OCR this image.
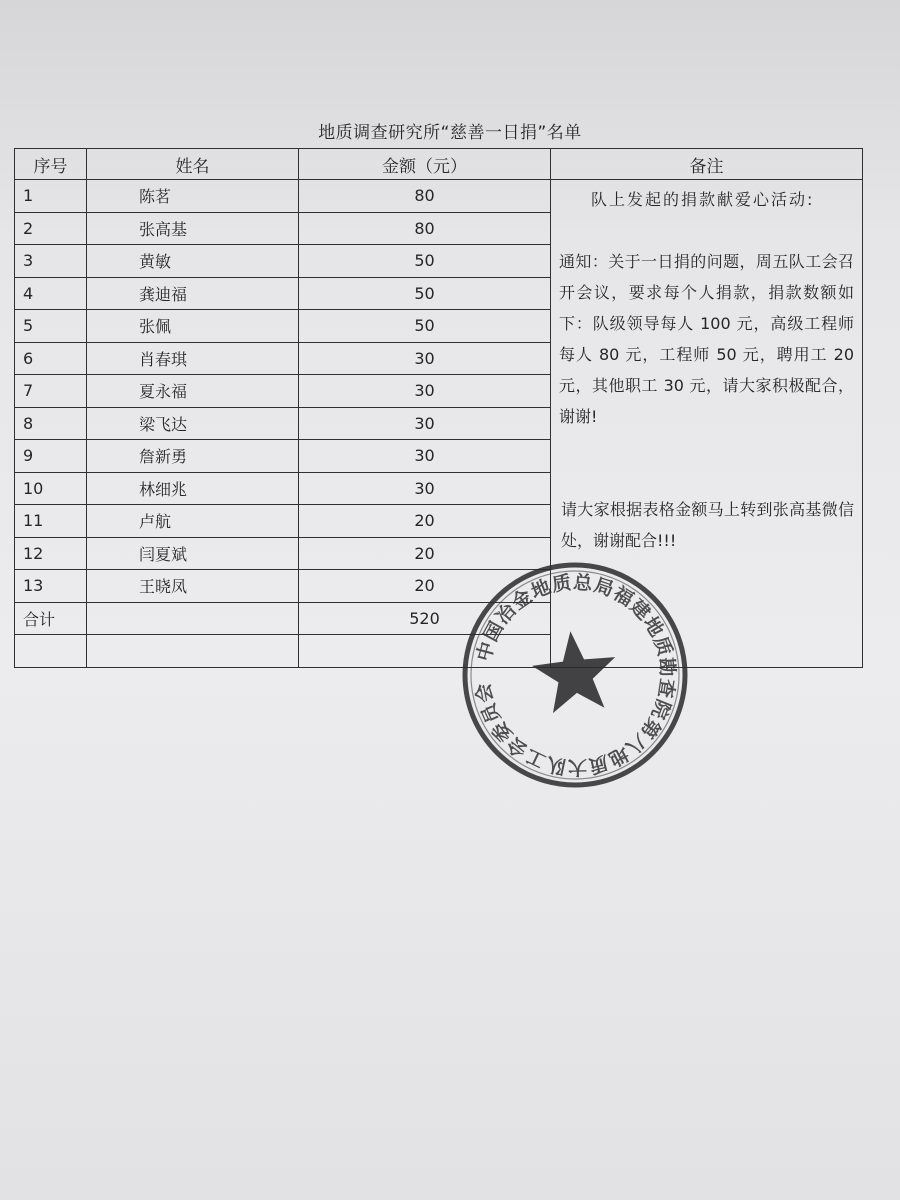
地质调查研究所“慈善一日捐”名单
序号	姓名	金额（元）	备注
1	陈茗	80	队上发起的捐款献爱心活动:

通知：关于一日捐的问题，周五队工会召开会议，要求每个人捐款，捐款数额如下：队级领导每人 100 元，高级工程师每人 80 元，工程师 50 元，聘用工 20 元，其他职工 30 元，请大家积极配合，谢谢!

请大家根据表格金额马上转到张高基微信处，谢谢配合!!!

2	张高基	80	
3	黄敏	50	
4	龚迪福	50	
5	张佩	50	
6	肖春琪	30	
7	夏永福	30	
8	梁飞达	30	
9	詹新勇	30	
10	林细兆	30	
11	卢航	20	
12	闫夏斌	20	
13	王晓凤	20	
合计		520	

中国冶金地质总局福建地质勘查院第八地质大队工会委员会
